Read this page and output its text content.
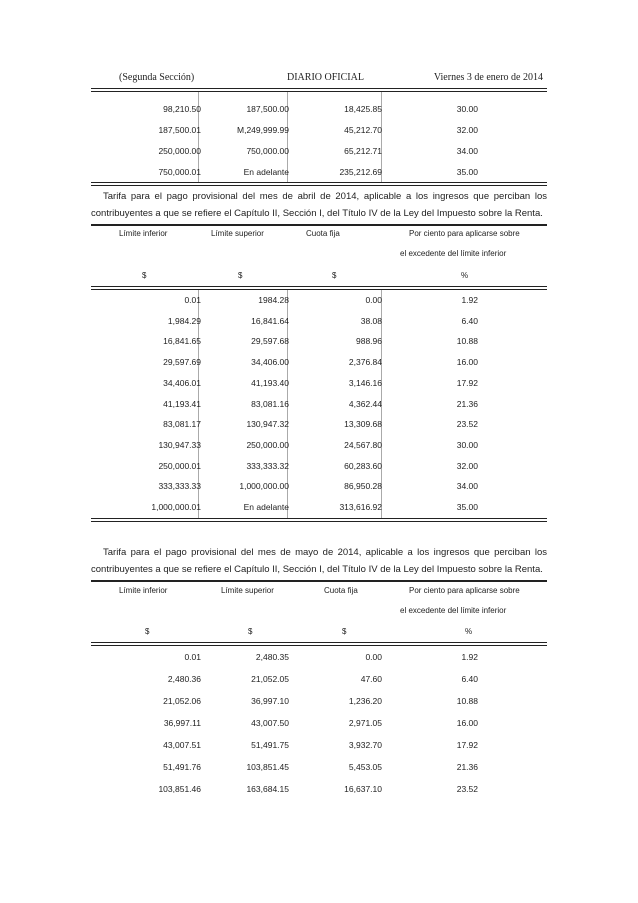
(Segunda Sección)	DIARIO OFICIAL	Viernes 3 de enero de 2014
98,210.50	187,500.00	18,425.85	30.00
187,500.01	M,249,999.99	45,212.70	32.00
250,000.00	750,000.00	65,212.71	34.00
750,000.01	En adelante	235,212.69	35.00

Tarifa para el pago provisional del mes de abril de 2014, aplicable a los ingresos que perciban los contribuyentes a que se refiere el Capítulo II, Sección I, del Título IV de la Ley del Impuesto sobre la Renta.

Límite inferior	Límite superior	Cuota fija	Por ciento para aplicarse sobre
el excedente del límite inferior
$	$	$	%
0.01	1984.28	0.00	1.92
1,984.29	16,841.64	38.08	6.40
16,841.65	29,597.68	988.96	10.88
29,597.69	34,406.00	2,376.84	16.00
34,406.01	41,193.40	3,146.16	17.92
41,193.41	83,081.16	4,362.44	21.36
83,081.17	130,947.32	13,309.68	23.52
130,947.33	250,000.00	24,567.80	30.00
250,000.01	333,333.32	60,283.60	32.00
333,333.33	1,000,000.00	86,950.28	34.00
1,000,000.01	En adelante	313,616.92	35.00

Tarifa para el pago provisional del mes de mayo de 2014, aplicable a los ingresos que perciban los contribuyentes a que se refiere el Capítulo II, Sección I, del Título IV de la Ley del Impuesto sobre la Renta.

Límite inferior	Límite superior	Cuota fija	Por ciento para aplicarse sobre
el excedente del límite inferior
$	$	$	%
0.01	2,480.35	0.00	1.92
2,480.36	21,052.05	47.60	6.40
21,052.06	36,997.10	1,236.20	10.88
36,997.11	43,007.50	2,971.05	16.00
43,007.51	51,491.75	3,932.70	17.92
51,491.76	103,851.45	5,453.05	21.36
103,851.46	163,684.15	16,637.10	23.52
